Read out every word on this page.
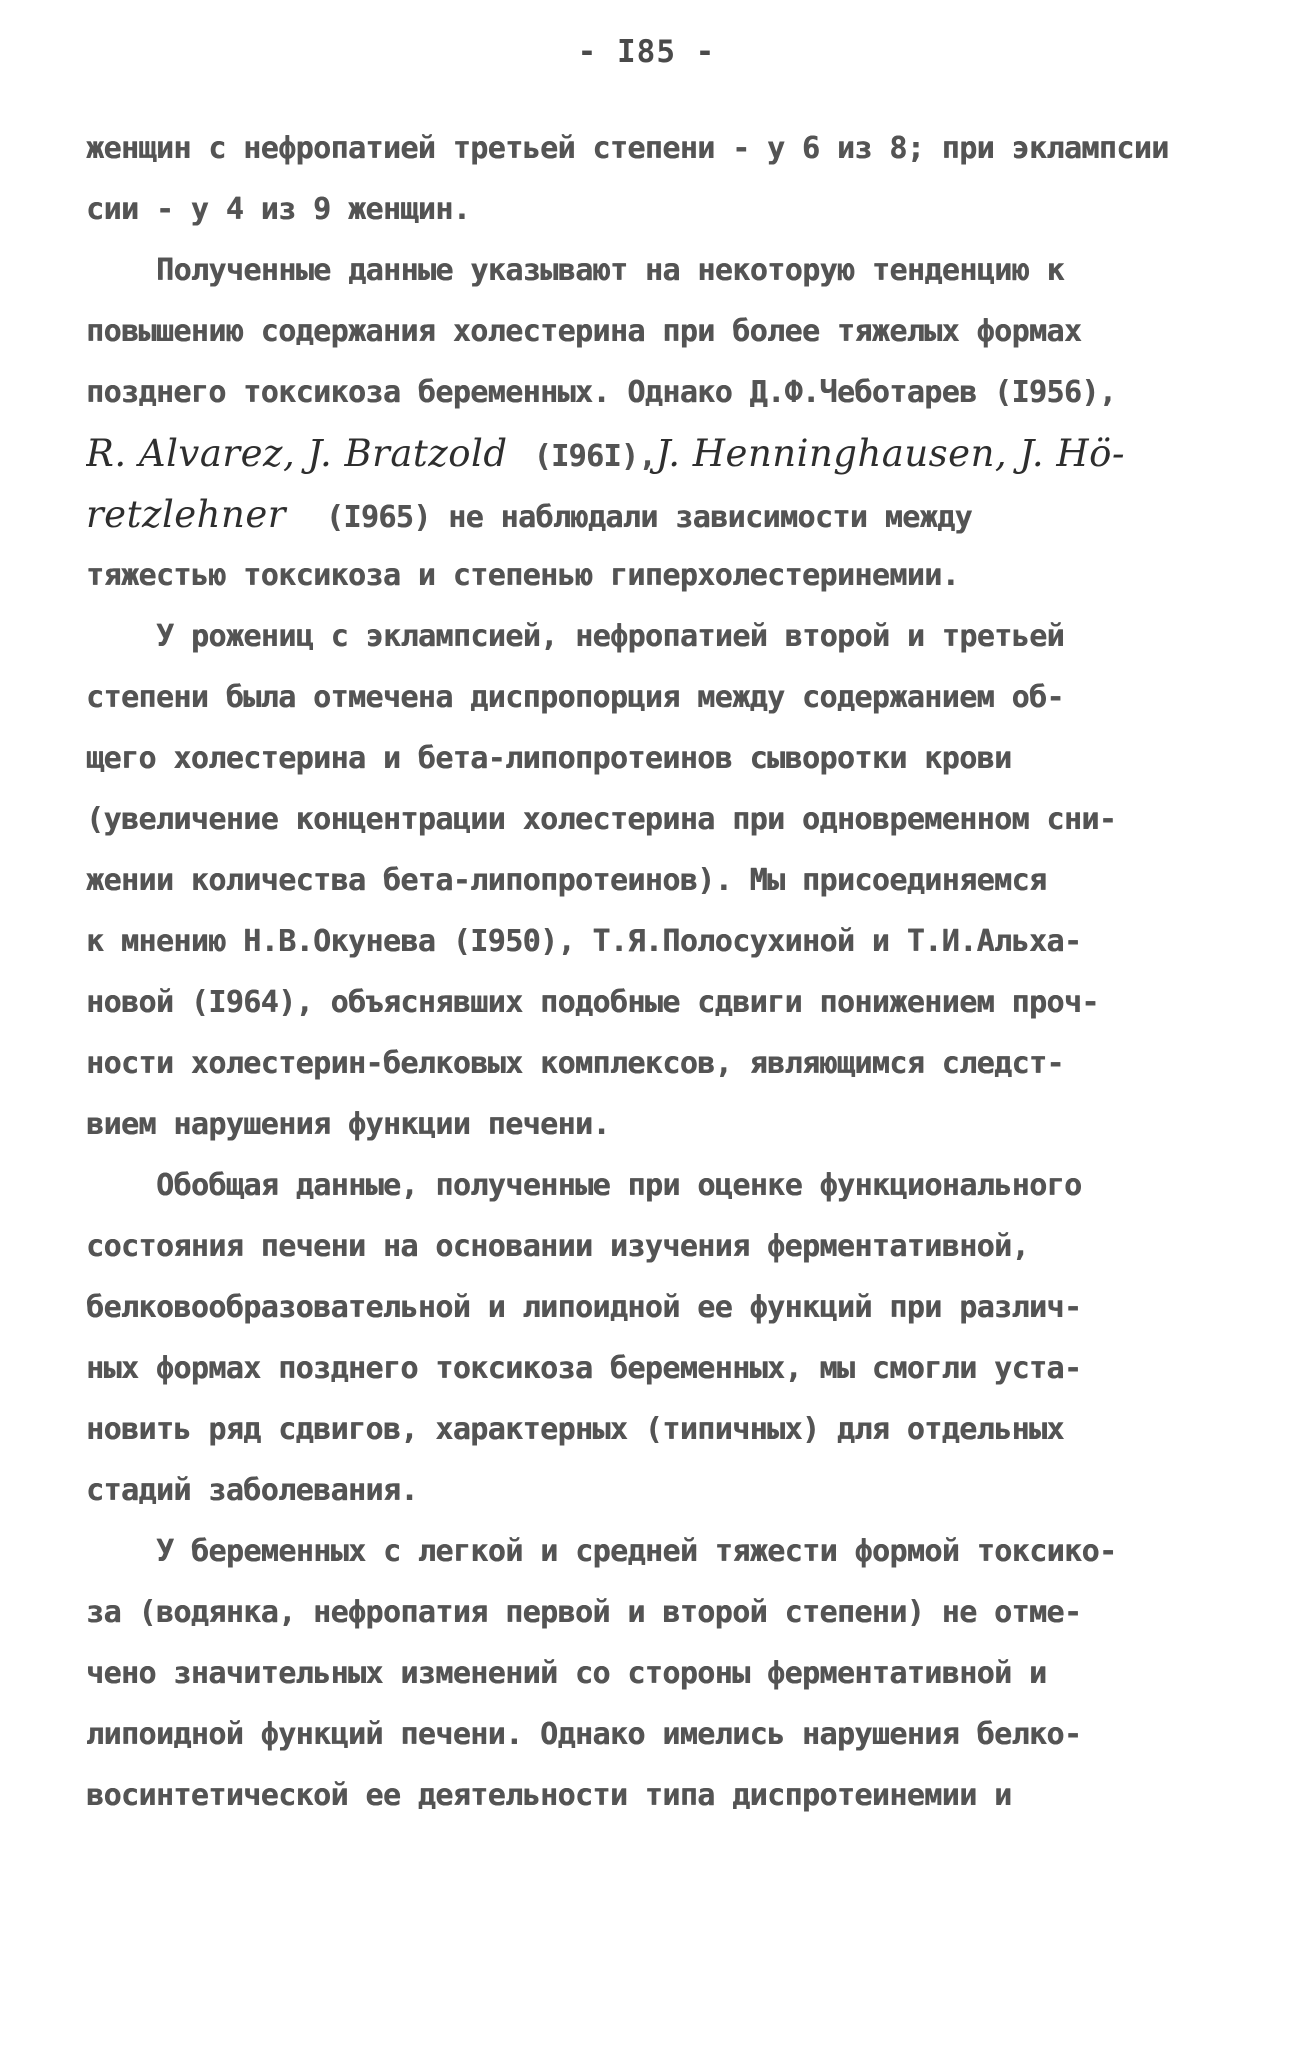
- I85 -
женщин с нефропатией третьей степени - у 6 из 8; при эклампсии
сии - у 4 из 9 женщин.
Полученные данные указывают на некоторую тенденцию к
повышению содержания холестерина при более тяжелых формах
позднего токсикоза беременных. Однако Д.Ф.Чеботарев (I956),
R. Alvarez, J. Bratzold (I96I),J. Henninghausen, J. Hö-
retzlehner (I965) не наблюдали зависимости между
тяжестью токсикоза и степенью гиперхолестеринемии.
У рожениц с эклампсией, нефропатией второй и третьей
степени была отмечена диспропорция между содержанием об-
щего холестерина и бета-липопротеинов сыворотки крови
(увеличение концентрации холестерина при одновременном сни-
жении количества бета-липопротеинов). Мы присоединяемся
к мнению Н.В.Окунева (I950), Т.Я.Полосухиной и Т.И.Альха-
новой (I964), объяснявших подобные сдвиги понижением проч-
ности холестерин-белковых комплексов, являющимся следст-
вием нарушения функции печени.
Обобщая данные, полученные при оценке функционального
состояния печени на основании изучения ферментативной,
белковообразовательной и липоидной ее функций при различ-
ных формах позднего токсикоза беременных, мы смогли уста-
новить ряд сдвигов, характерных (типичных) для отдельных
стадий заболевания.
У беременных с легкой и средней тяжести формой токсико-
за (водянка, нефропатия первой и второй степени) не отме-
чено значительных изменений со стороны ферментативной и
липоидной функций печени. Однако имелись нарушения белко-
восинтетической ее деятельности типа диспротеинемии и
